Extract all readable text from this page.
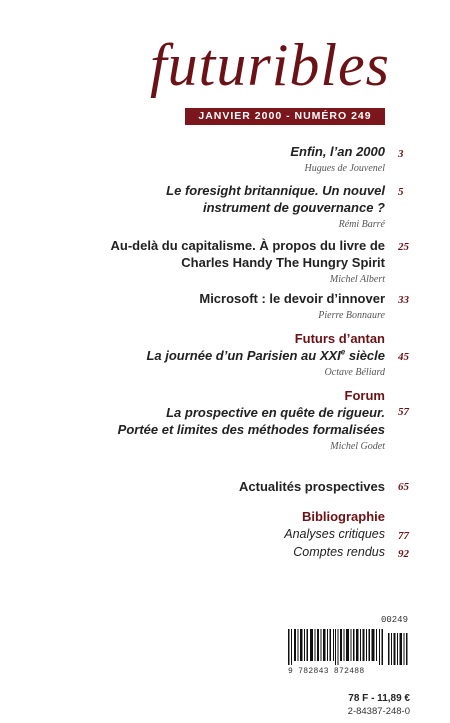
futuribles
JANVIER 2000 - NUMÉRO 249
Enfin, l’an 2000
Hugues de Jouvenel
3
Le foresight britannique. Un nouvel
instrument de gouvernance ?
Rémi Barré
5
Au-delà du capitalisme. À propos du livre de
Charles Handy The Hungry Spirit
Michel Albert
25
Microsoft : le devoir d’innover
Pierre Bonnaure
33
Futurs d’antan
La journée d’un Parisien au XXIe siècle
Octave Béliard
45
Forum
La prospective en quête de rigueur.
Portée et limites des méthodes formalisées
Michel Godet
57
Actualités prospectives 65
Bibliographie
Analyses critiques 77
Comptes rendus 92
00249
9 782843 872488
78 F - 11,89 €
2-84387-248-0
